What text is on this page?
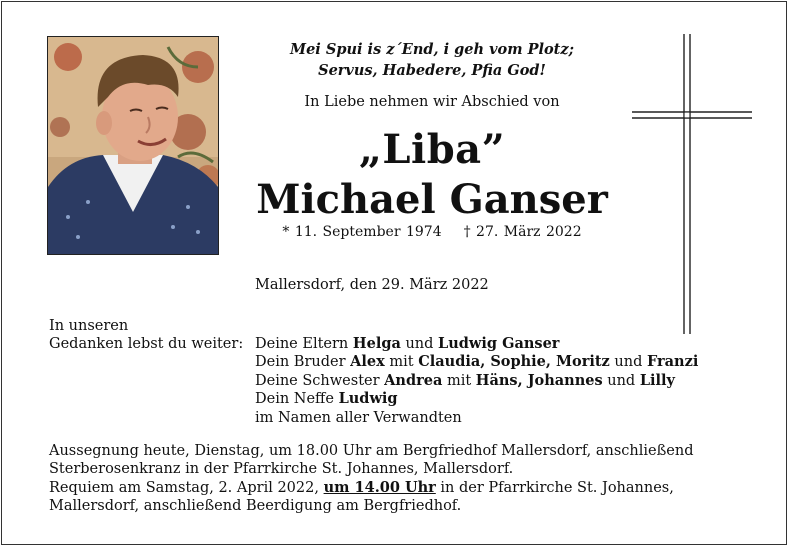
Mei Spui is z´End, i geh vom Plotz;

Servus, Habedere, Pfia God!

In Liebe nehmen wir Abschied von
„Liba”
Michael Ganser
* 11. September 1974 † 27. März 2022
Mallersdorf, den 29. März 2022

In unseren

Gedanken lebst du weiter: Deine Eltern Helga und Ludwig Ganser

Dein Bruder Alex mit Claudia, Sophie, Moritz und Franzi

Deine Schwester Andrea mit Häns, Johannes und Lilly

Dein Neffe Ludwig

im Namen aller Verwandten

Aussegnung heute, Dienstag, um 18.00 Uhr am Bergfriedhof Mallersdorf, anschließend

Sterberosenkranz in der Pfarrkirche St. Johannes, Mallersdorf.

Requiem am Samstag, 2. April 2022, um 14.00 Uhr in der Pfarrkirche St. Johannes,

Mallersdorf, anschließend Beerdigung am Bergfriedhof.
